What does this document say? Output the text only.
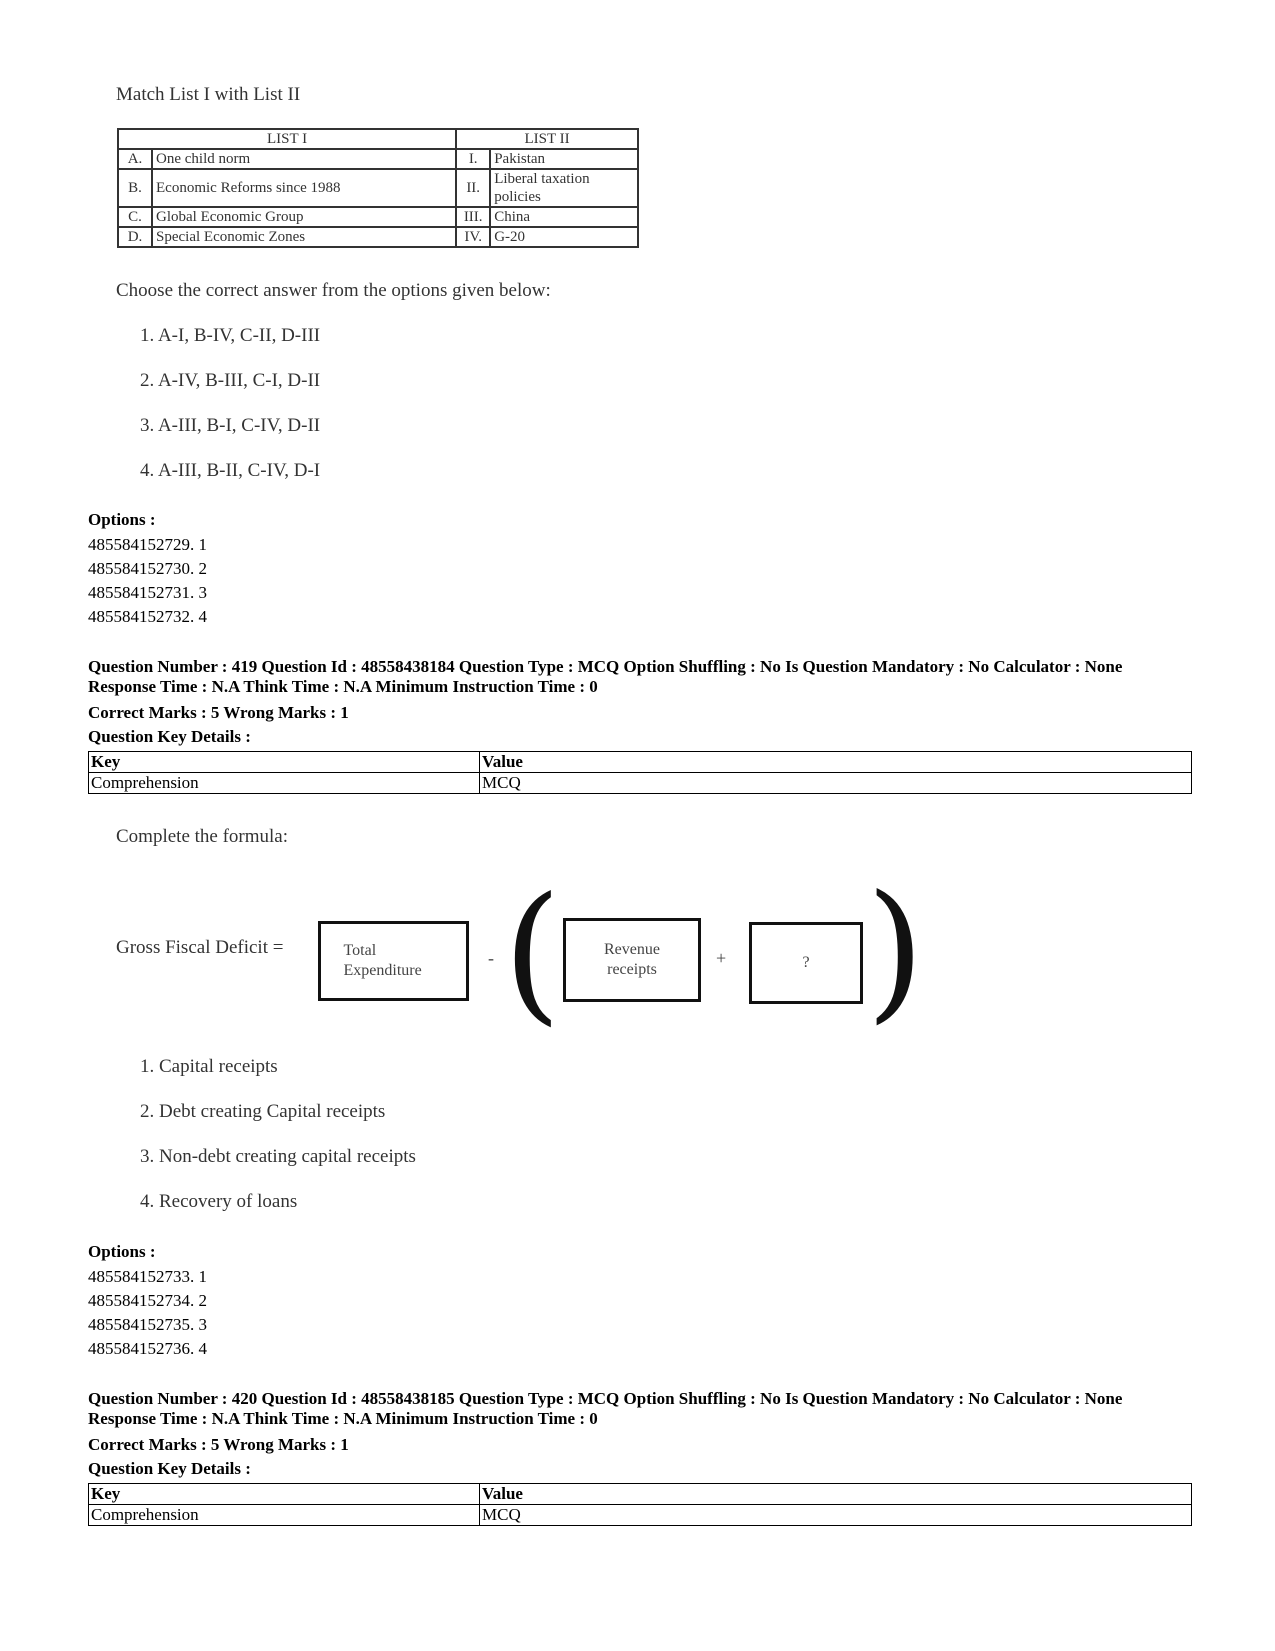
Match List I with List II
LIST I		LIST II	
A.	One child norm	I.	Pakistan
B.	Economic Reforms since 1988	II.	Liberal taxation policies
C.	Global Economic Group	III.	China
D.	Special Economic Zones	IV.	G-20
Choose the correct answer from the options given below:
1. A-I, B-IV, C-II, D-III
2. A-IV, B-III, C-I, D-II
3. A-III, B-I, C-IV, D-II
4. A-III, B-II, C-IV, D-I
Options :
485584152729. 1
485584152730. 2
485584152731. 3
485584152732. 4
Question Number : 419 Question Id : 48558438184 Question Type : MCQ Option Shuffling : No Is Question Mandatory : No Calculator : None
Response Time : N.A Think Time : N.A Minimum Instruction Time : 0
Correct Marks : 5 Wrong Marks : 1
Question Key Details :
Key	Value
Comprehension	MCQ
Complete the formula:
Gross Fiscal Deficit =	Total Expenditure
- (	Revenue receipts
+	? )
1. Capital receipts
2. Debt creating Capital receipts
3. Non-debt creating capital receipts
4. Recovery of loans
Options :
485584152733. 1
485584152734. 2
485584152735. 3
485584152736. 4
Question Number : 420 Question Id : 48558438185 Question Type : MCQ Option Shuffling : No Is Question Mandatory : No Calculator : None
Response Time : N.A Think Time : N.A Minimum Instruction Time : 0
Correct Marks : 5 Wrong Marks : 1
Question Key Details :
Key	Value
Comprehension	MCQ
